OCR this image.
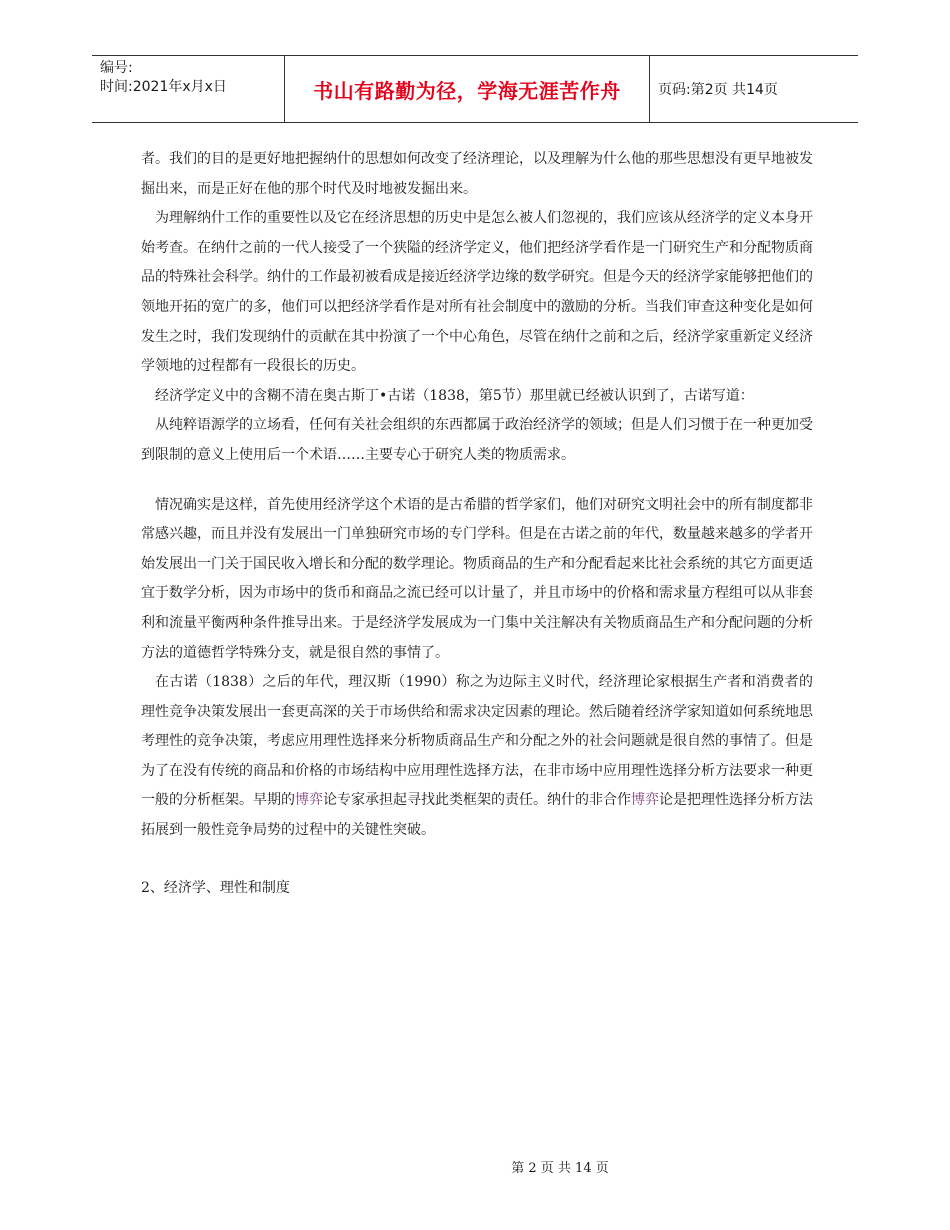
编号:
时间:2021年x月x日	书山有路勤为径，学海无涯苦作舟	页码:第2页 共14页

者。我们的目的是更好地把握纳什的思想如何改变了经济理论，以及理解为什么他的那些思想没有更早地被发掘出来，而是正好在他的那个时代及时地被发掘出来。

为理解纳什工作的重要性以及它在经济思想的历史中是怎么被人们忽视的，我们应该从经济学的定义本身开始考查。在纳什之前的一代人接受了一个狭隘的经济学定义，他们把经济学看作是一门研究生产和分配物质商品的特殊社会科学。纳什的工作最初被看成是接近经济学边缘的数学研究。但是今天的经济学家能够把他们的领地开拓的宽广的多，他们可以把经济学看作是对所有社会制度中的激励的分析。当我们审查这种变化是如何发生之时，我们发现纳什的贡献在其中扮演了一个中心角色，尽管在纳什之前和之后，经济学家重新定义经济学领地的过程都有一段很长的历史。

经济学定义中的含糊不清在奥古斯丁•古诺（1838，第5节）那里就已经被认识到了，古诺写道：

从纯粹语源学的立场看，任何有关社会组织的东西都属于政治经济学的领域；但是人们习惯于在一种更加受到限制的意义上使用后一个术语……主要专心于研究人类的物质需求。

情况确实是这样，首先使用经济学这个术语的是古希腊的哲学家们，他们对研究文明社会中的所有制度都非常感兴趣，而且并没有发展出一门单独研究市场的专门学科。但是在古诺之前的年代，数量越来越多的学者开始发展出一门关于国民收入增长和分配的数学理论。物质商品的生产和分配看起来比社会系统的其它方面更适宜于数学分析，因为市场中的货币和商品之流已经可以计量了，并且市场中的价格和需求量方程组可以从非套利和流量平衡两种条件推导出来。于是经济学发展成为一门集中关注解决有关物质商品生产和分配问题的分析方法的道德哲学特殊分支，就是很自然的事情了。

在古诺（1838）之后的年代，理汉斯（1990）称之为边际主义时代，经济理论家根据生产者和消费者的理性竞争决策发展出一套更高深的关于市场供给和需求决定因素的理论。然后随着经济学家知道如何系统地思考理性的竞争决策，考虑应用理性选择来分析物质商品生产和分配之外的社会问题就是很自然的事情了。但是为了在没有传统的商品和价格的市场结构中应用理性选择方法，在非市场中应用理性选择分析方法要求一种更一般的分析框架。早期的博弈论专家承担起寻找此类框架的责任。纳什的非合作博弈论是把理性选择分析方法拓展到一般性竞争局势的过程中的关键性突破。

2、经济学、理性和制度

第 2 页 共 14 页
